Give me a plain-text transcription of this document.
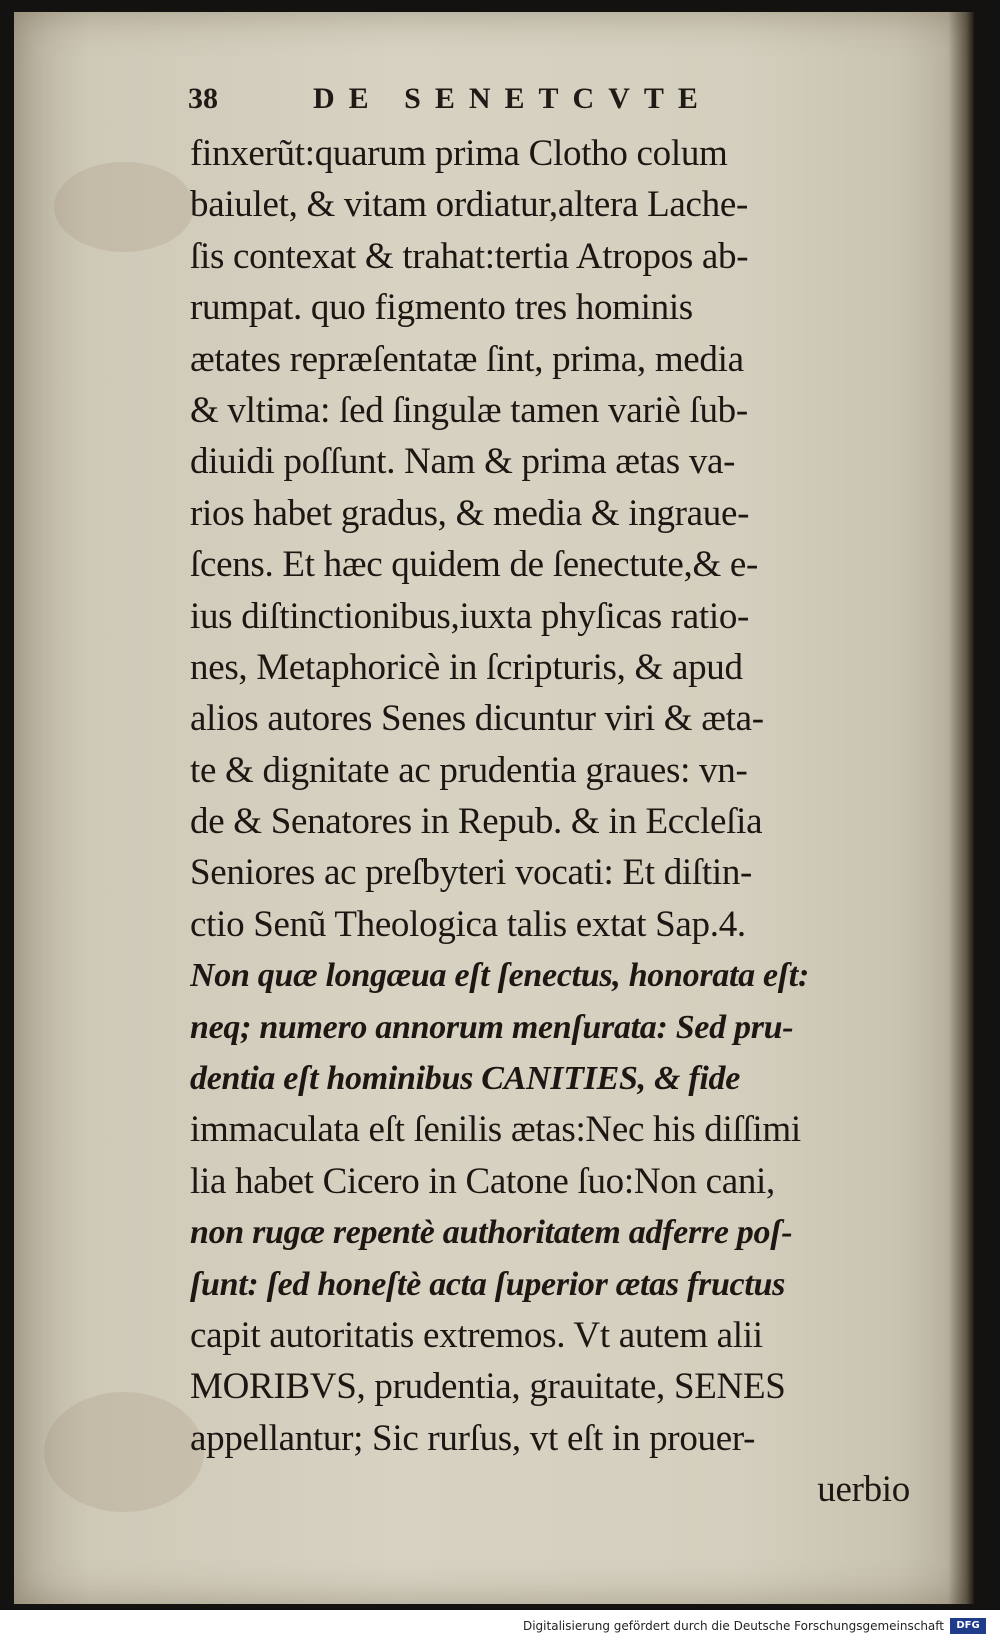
38	DE SENETCVTE
finxerũt:quarum prima Clotho colum
baiulet, & vitam ordiatur,altera Lache-
ſis contexat & trahat:tertia Atropos ab-
rumpat. quo figmento tres hominis
ætates repræſentatæ ſint, prima, media
& vltima: ſed ſingulæ tamen variè ſub-
diuidi poſſunt. Nam & prima ætas va-
rios habet gradus, & media & ingraue-
ſcens. Et hæc quidem de ſenectute,& e-
ius diſtinctionibus,iuxta phyſicas ratio-
nes, Metaphoricè in ſcripturis, & apud
alios autores Senes dicuntur viri & æta-
te & dignitate ac prudentia graues: vn-
de & Senatores in Repub. & in Eccleſia
Seniores ac preſbyteri vocati: Et diſtin-
ctio Senũ Theologica talis extat Sap.4.
Non quæ longæua eſt ſenectus, honorata eſt:
neq; numero annorum menſurata: Sed pru-
dentia eſt hominibus CANITIES, & fide
immaculata eſt ſenilis ætas:Nec his diſſimi
lia habet Cicero in Catone ſuo:Non cani,
non rugæ repentè authoritatem adferre poſ-
ſunt: ſed honeſtè acta ſuperior ætas fructus
capit autoritatis extremos. Vt autem alii
MORIBVS, prudentia, grauitate, SENES
appellantur; Sic rurſus, vt eſt in prouer-
uerbio
Digitalisierung gefördert durch die Deutsche Forschungsgemeinschaft	DFG
